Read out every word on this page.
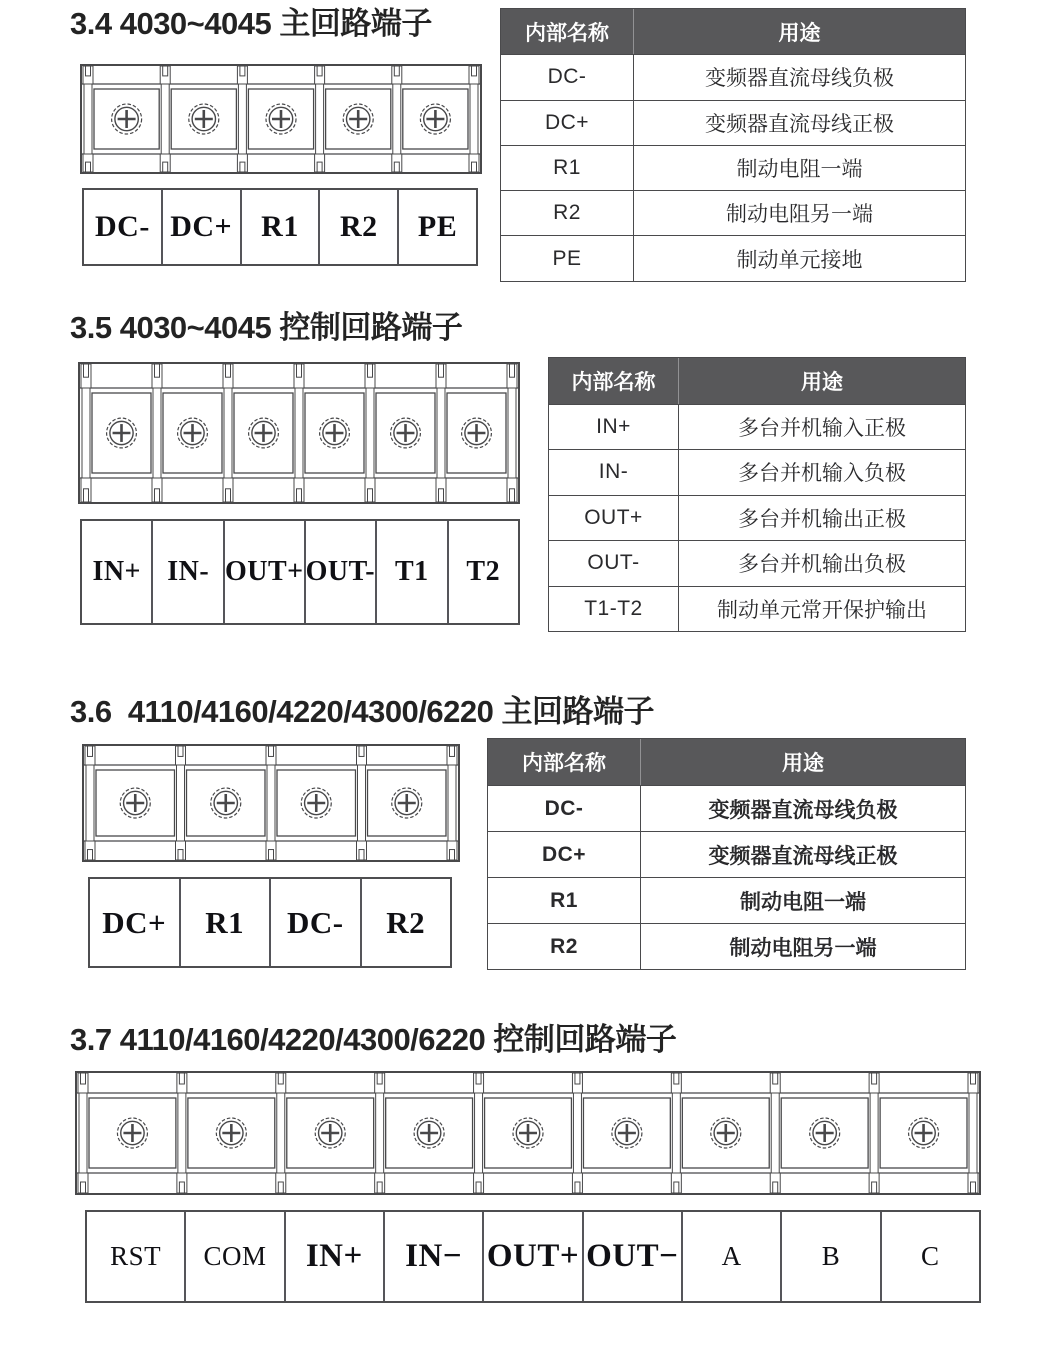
3.4 4030~4045 主回路端子
DC- DC+ R1	R2	PE
内部名称	用途
DC-	变频器直流母线负极
DC+	变频器直流母线正极
R1	制动电阻一端
R2	制动电阻另一端
PE	制动单元接地
3.5 4030~4045 控制回路端子
IN+ IN- OUT+ OUT- T1	T2
内部名称	用途
IN+	多台并机输入正极
IN-	多台并机输入负极
OUT+	多台并机输出正极
OUT-	多台并机输出负极
T1-T2	制动单元常开保护输出
3.6  4110/4160/4220/4300/6220 主回路端子
DC+	R1	DC-	R2
内部名称	用途
DC-	变频器直流母线负极
DC+	变频器直流母线正极
R1	制动电阻一端
R2	制动电阻另一端
3.7 4110/4160/4220/4300/6220 控制回路端子
RST	COM	IN+	IN− OUT+ OUT−	A	B	C
